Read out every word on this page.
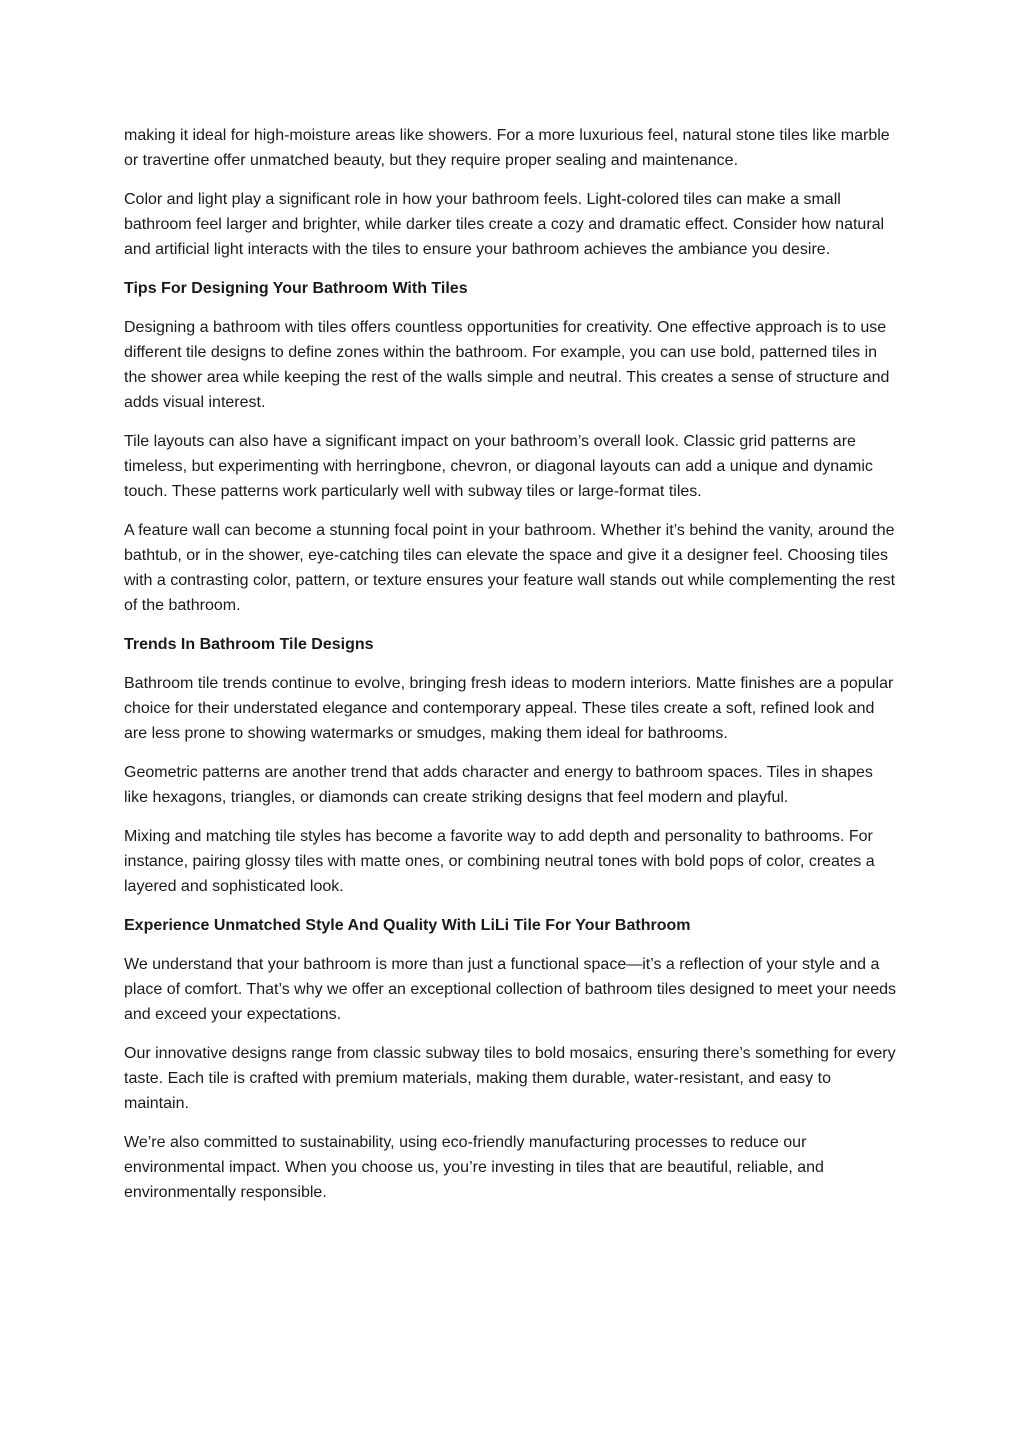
making it ideal for high-moisture areas like showers. For a more luxurious feel, natural stone tiles like marble or travertine offer unmatched beauty, but they require proper sealing and maintenance.

Color and light play a significant role in how your bathroom feels. Light-colored tiles can make a small bathroom feel larger and brighter, while darker tiles create a cozy and dramatic effect. Consider how natural and artificial light interacts with the tiles to ensure your bathroom achieves the ambiance you desire.

Tips For Designing Your Bathroom With Tiles

Designing a bathroom with tiles offers countless opportunities for creativity. One effective approach is to use different tile designs to define zones within the bathroom. For example, you can use bold, patterned tiles in the shower area while keeping the rest of the walls simple and neutral. This creates a sense of structure and adds visual interest.

Tile layouts can also have a significant impact on your bathroom’s overall look. Classic grid patterns are timeless, but experimenting with herringbone, chevron, or diagonal layouts can add a unique and dynamic touch. These patterns work particularly well with subway tiles or large-format tiles.

A feature wall can become a stunning focal point in your bathroom. Whether it’s behind the vanity, around the bathtub, or in the shower, eye-catching tiles can elevate the space and give it a designer feel. Choosing tiles with a contrasting color, pattern, or texture ensures your feature wall stands out while complementing the rest of the bathroom.

Trends In Bathroom Tile Designs

Bathroom tile trends continue to evolve, bringing fresh ideas to modern interiors. Matte finishes are a popular choice for their understated elegance and contemporary appeal. These tiles create a soft, refined look and are less prone to showing watermarks or smudges, making them ideal for bathrooms.

Geometric patterns are another trend that adds character and energy to bathroom spaces. Tiles in shapes like hexagons, triangles, or diamonds can create striking designs that feel modern and playful.

Mixing and matching tile styles has become a favorite way to add depth and personality to bathrooms. For instance, pairing glossy tiles with matte ones, or combining neutral tones with bold pops of color, creates a layered and sophisticated look.

Experience Unmatched Style And Quality With LiLi Tile For Your Bathroom

We understand that your bathroom is more than just a functional space—it’s a reflection of your style and a place of comfort. That’s why we offer an exceptional collection of bathroom tiles designed to meet your needs and exceed your expectations.

Our innovative designs range from classic subway tiles to bold mosaics, ensuring there’s something for every taste. Each tile is crafted with premium materials, making them durable, water-resistant, and easy to maintain.

We’re also committed to sustainability, using eco-friendly manufacturing processes to reduce our environmental impact. When you choose us, you’re investing in tiles that are beautiful, reliable, and environmentally responsible.
